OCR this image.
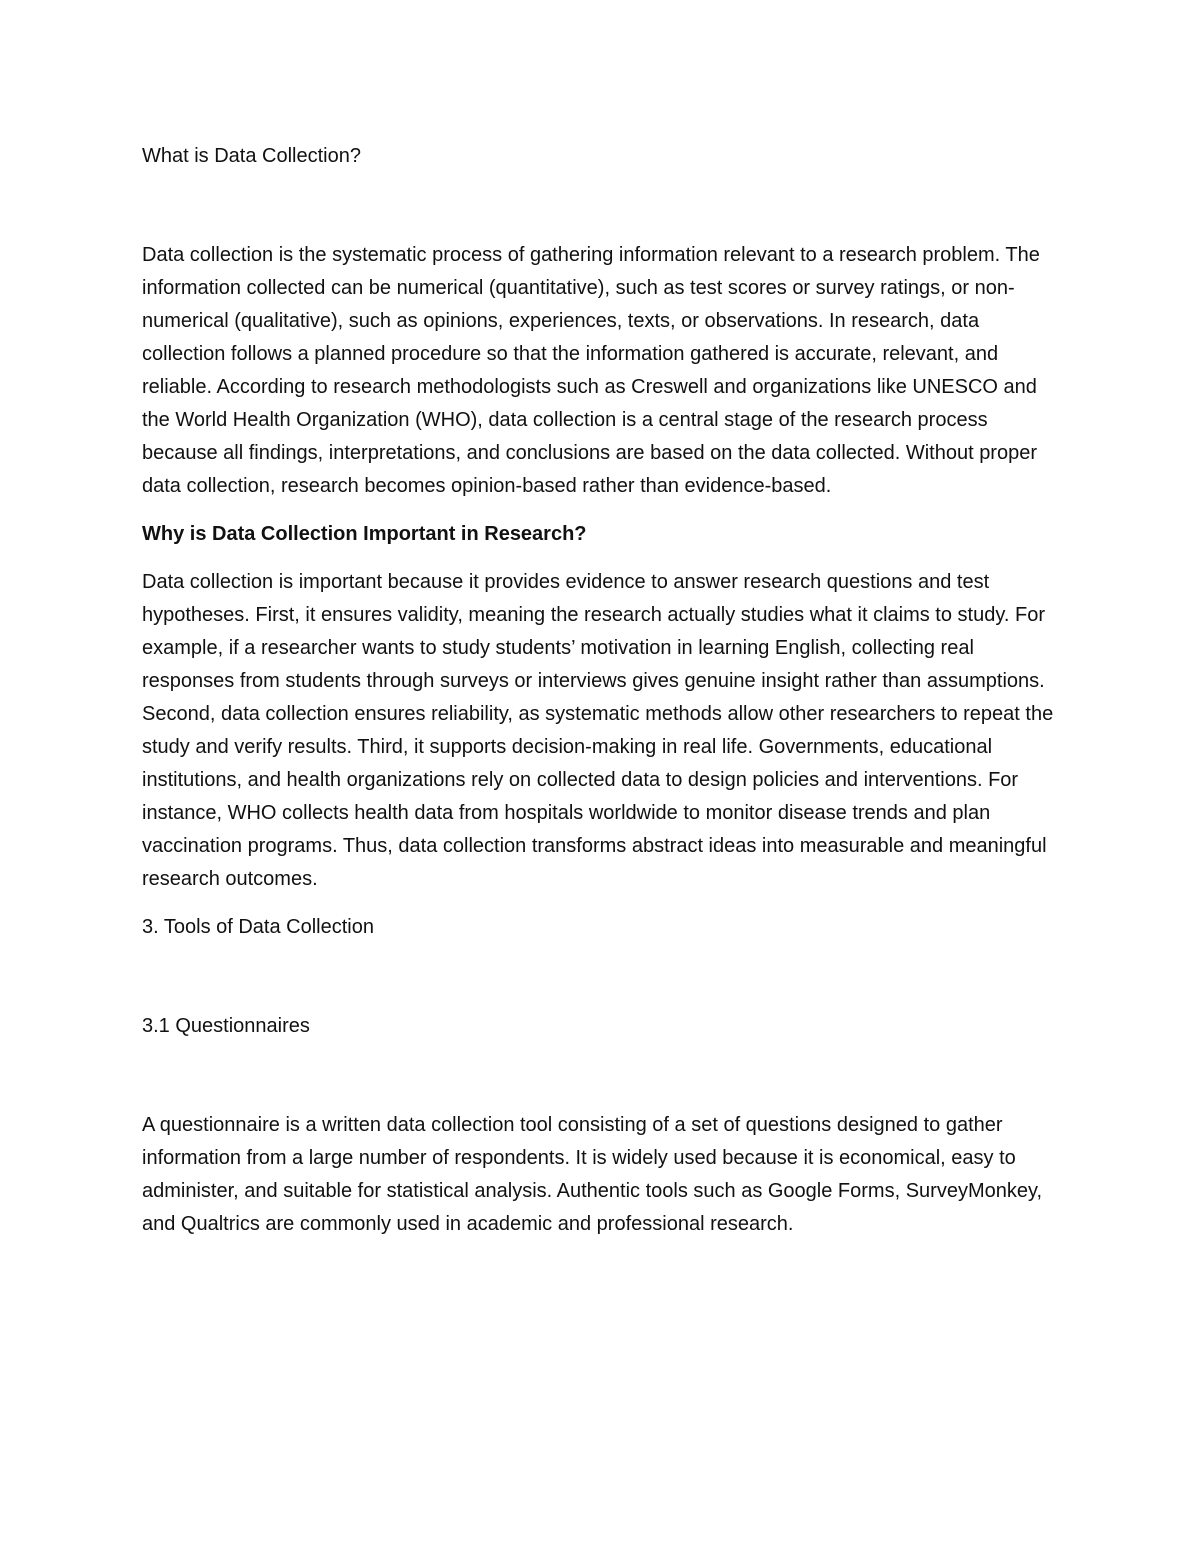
What is Data Collection?

Data collection is the systematic process of gathering information relevant to a research problem. The information collected can be numerical (quantitative), such as test scores or survey ratings, or non-numerical (qualitative), such as opinions, experiences, texts, or observations. In research, data collection follows a planned procedure so that the information gathered is accurate, relevant, and reliable. According to research methodologists such as Creswell and organizations like UNESCO and the World Health Organization (WHO), data collection is a central stage of the research process because all findings, interpretations, and conclusions are based on the data collected. Without proper data collection, research becomes opinion-based rather than evidence-based.

Why is Data Collection Important in Research?

Data collection is important because it provides evidence to answer research questions and test hypotheses. First, it ensures validity, meaning the research actually studies what it claims to study. For example, if a researcher wants to study students’ motivation in learning English, collecting real responses from students through surveys or interviews gives genuine insight rather than assumptions. Second, data collection ensures reliability, as systematic methods allow other researchers to repeat the study and verify results. Third, it supports decision-making in real life. Governments, educational institutions, and health organizations rely on collected data to design policies and interventions. For instance, WHO collects health data from hospitals worldwide to monitor disease trends and plan vaccination programs. Thus, data collection transforms abstract ideas into measurable and meaningful research outcomes.

3. Tools of Data Collection

3.1 Questionnaires

A questionnaire is a written data collection tool consisting of a set of questions designed to gather information from a large number of respondents. It is widely used because it is economical, easy to administer, and suitable for statistical analysis. Authentic tools such as Google Forms, SurveyMonkey, and Qualtrics are commonly used in academic and professional research.
